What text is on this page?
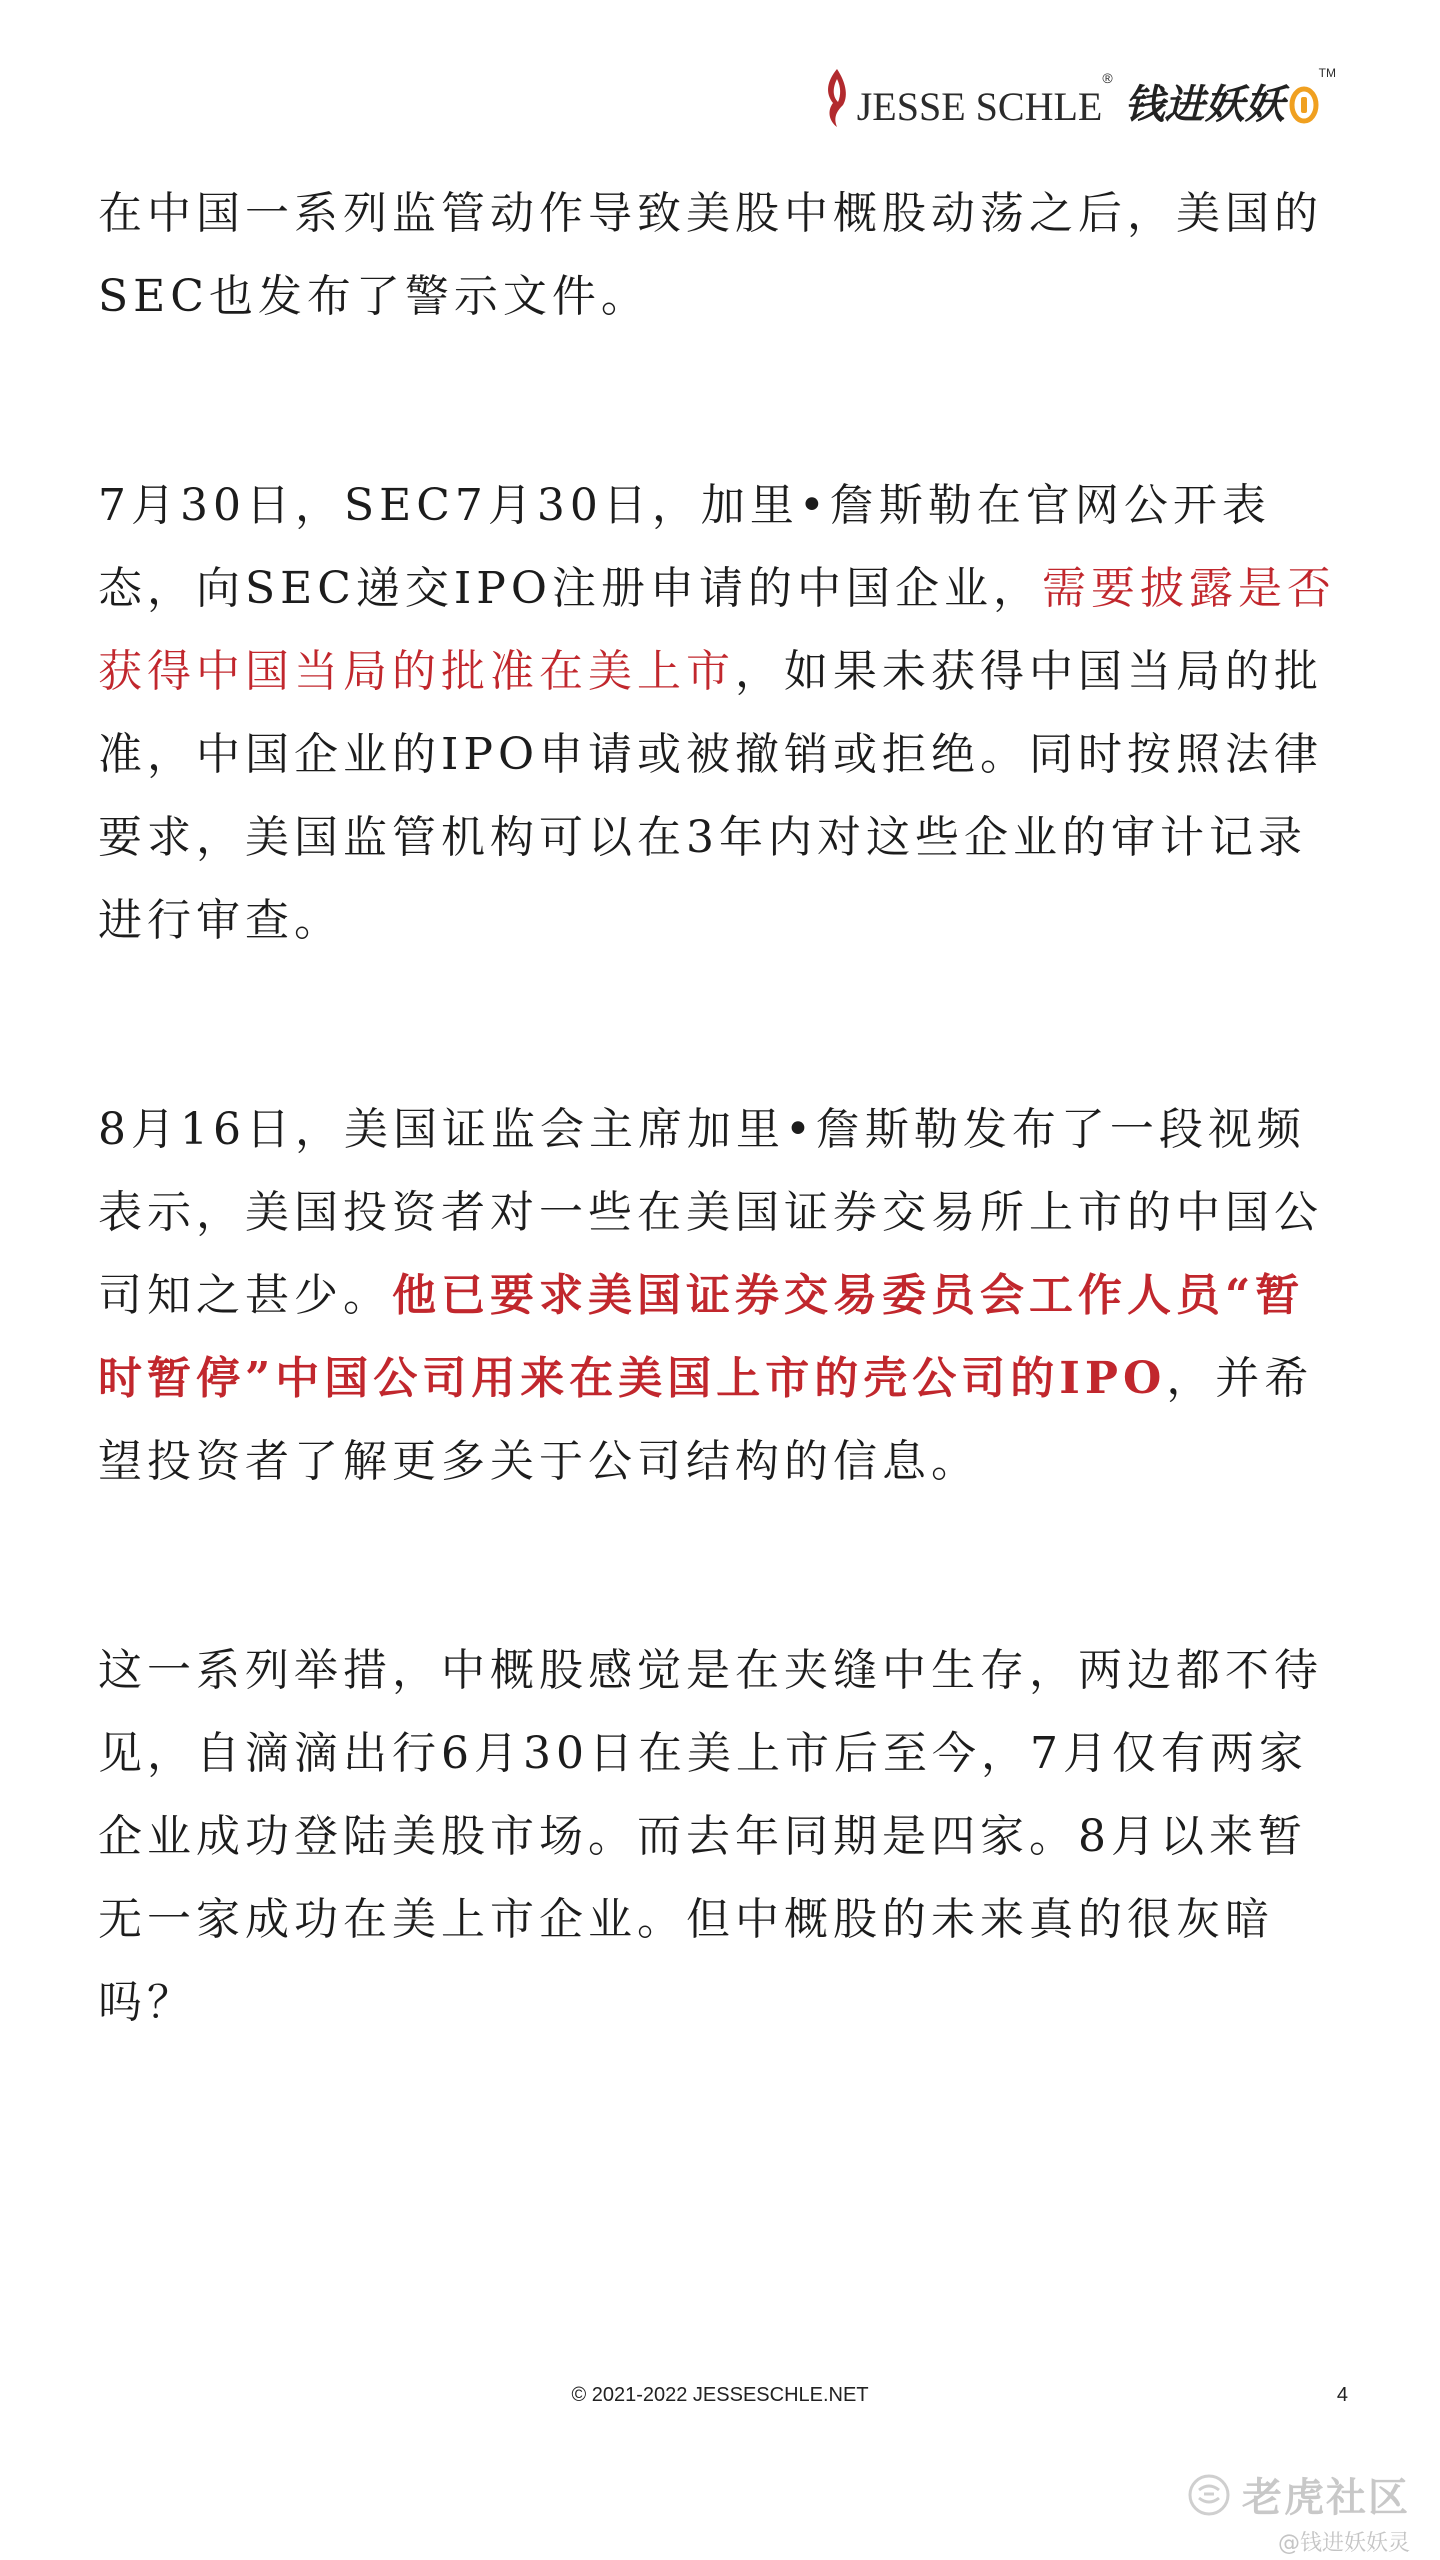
JESSE SCHLE
®
钱进妖妖
TM

在中国一系列监管动作导致美股中概股动荡之后，美国的SEC也发布了警示文件。

7月30日，SEC7月30日，加里•詹斯勒在官网公开表态，向SEC递交IPO注册申请的中国企业，需要披露是否获得中国当局的批准在美上市，如果未获得中国当局的批准，中国企业的IPO申请或被撤销或拒绝。同时按照法律要求，美国监管机构可以在3年内对这些企业的审计记录进行审查。

8月16日，美国证监会主席加里•詹斯勒发布了一段视频表示，美国投资者对一些在美国证券交易所上市的中国公司知之甚少。他已要求美国证券交易委员会工作人员“暂时暂停”中国公司用来在美国上市的壳公司的IPO，并希望投资者了解更多关于公司结构的信息。

这一系列举措，中概股感觉是在夹缝中生存，两边都不待见，自滴滴出行6月30日在美上市后至今，7月仅有两家企业成功登陆美股市场。而去年同期是四家。8月以来暂无一家成功在美上市企业。但中概股的未来真的很灰暗吗？

© 2021-2022 JESSESCHLE.NET	4
老虎社区
@钱进妖妖灵
